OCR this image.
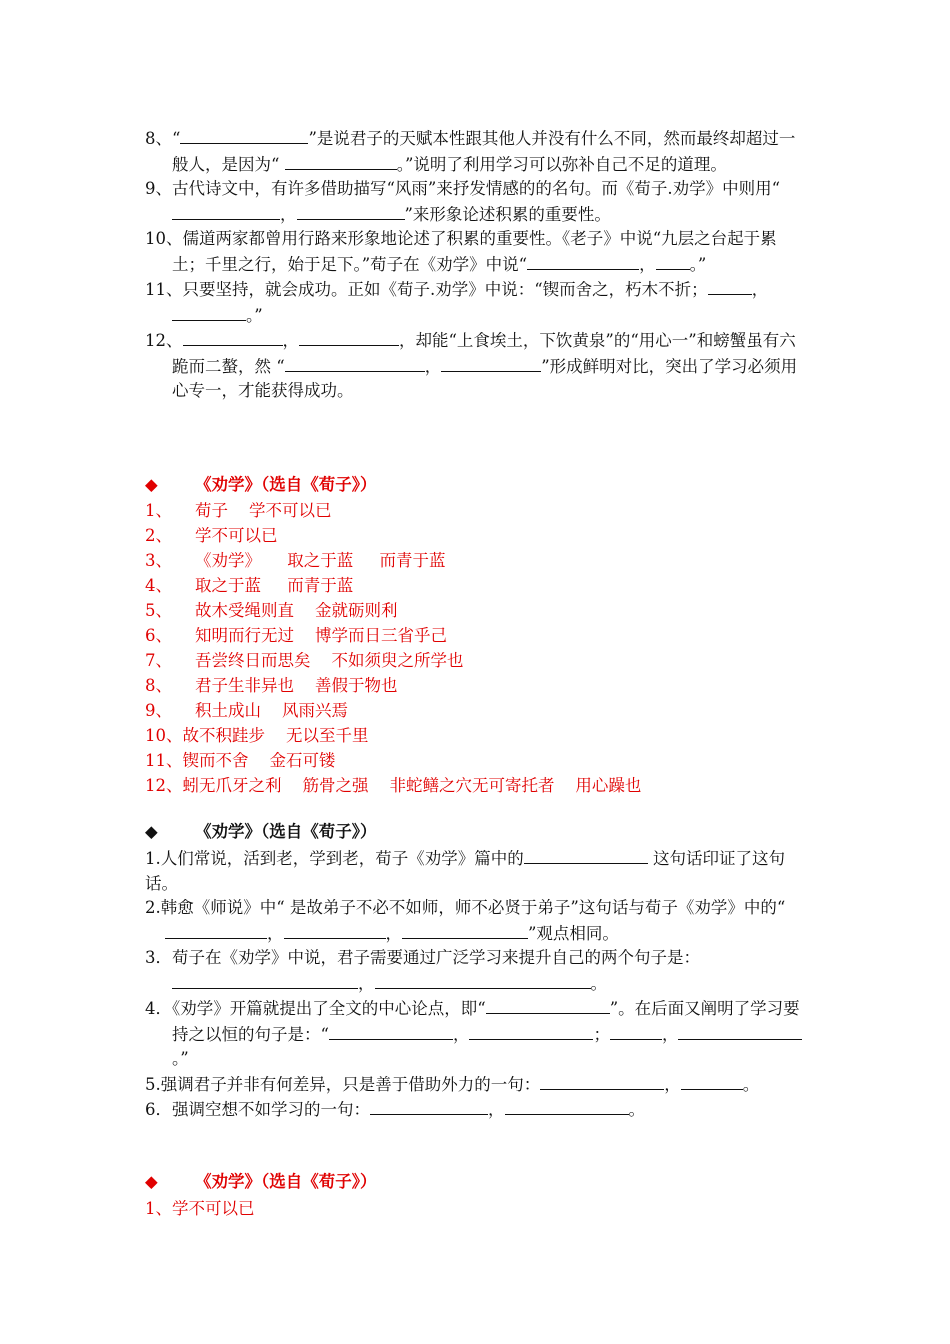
8、“	”是说君子的天赋本性跟其他人并没有什么不同，然而最终却超过一般人，是因为“	。”说明了利用学习可以弥补自己不足的道理。
9、古代诗文中，有许多借助描写“风雨”来抒发情感的的名句。而《荀子.劝学》中则用“，	”来形象论述积累的重要性。
10、儒道两家都曾用行路来形象地论述了积累的重要性。《老子》中说“九层之台起于累土；千里之行，始于足下。”荀子在《劝学》中说“	， 。”
11、只要坚持，就会成功。正如《荀子.劝学》中说：“锲而舍之，朽木不折；	，。”
12、	，	，却能“上食埃土，下饮黄泉”的“用心一”和螃蟹虽有六跪而二螯，然 “	，	”形成鲜明对比，突出了学习必须用心专一，才能获得成功。
◆ 《劝学》（选自《荀子》）
1、 荀子    学不可以已
2、 学不可以已
3、 《劝学》     取之于蓝     而青于蓝
4、 取之于蓝     而青于蓝
5、 故木受绳则直    金就砺则利
6、 知明而行无过    博学而日三省乎己
7、 吾尝终日而思矣    不如须臾之所学也
8、 君子生非异也    善假于物也
9、 积土成山    风雨兴焉
10、故不积跬步    无以至千里
11、锲而不舍    金石可镂
12、蚓无爪牙之利    筋骨之强    非蛇鳝之穴无可寄托者    用心躁也
◆ 《劝学》（选自《荀子》）
1.人们常说，活到老，学到老，荀子《劝学》篇中的	这句话印证了这句话。
2.韩愈《师说》中“ 是故弟子不必不如师，师不必贤于弟子”这句话与荀子《劝学》中的“，	，	”观点相同。
3．荀子在《劝学》中说，君子需要通过广泛学习来提升自己的两个句子是：，	。
4．《劝学》开篇就提出了全文的中心论点，即“	”。在后面又阐明了学习要持之以恒的句子是：“	，	；	，。”
5.强调君子并非有何差异，只是善于借助外力的一句：	，	。
6．强调空想不如学习的一句：	，	。
◆ 《劝学》（选自《荀子》）
1、学不可以已
